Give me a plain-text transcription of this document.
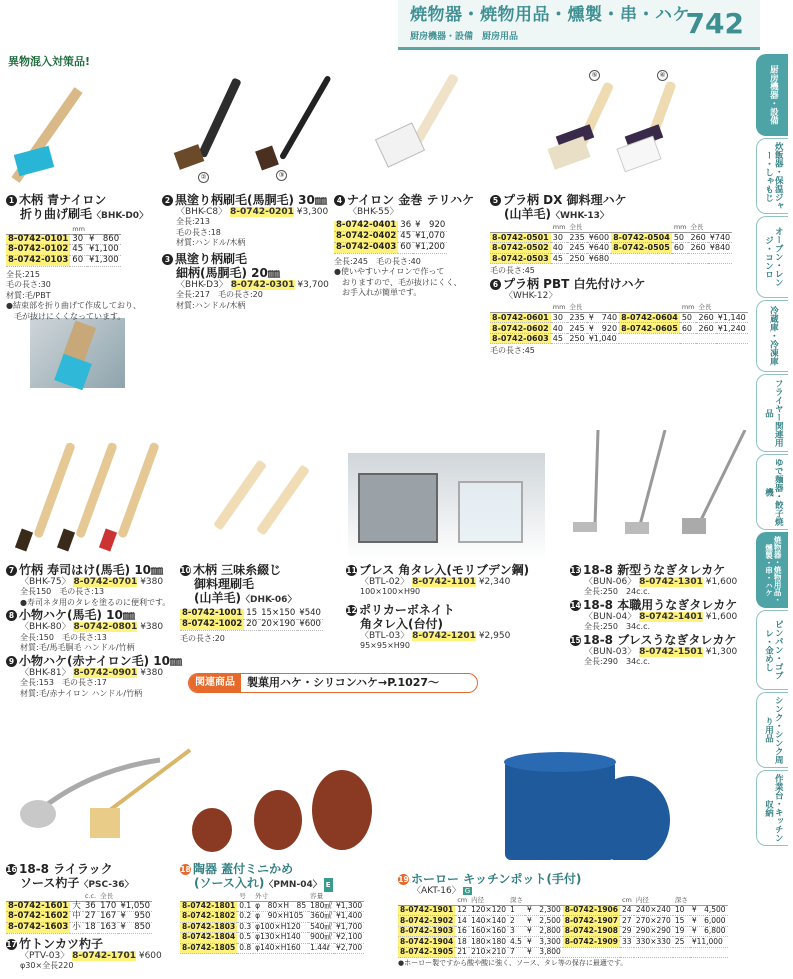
焼物器・焼物用品・燻製・串・ハケ
厨房機器・設備　厨房用品	742
厨房機器・設備
炊飯器・保温ジャー・しゃもじ
オーブン・レンジ・コンロ
冷蔵庫・冷凍庫
フライヤー関連用品
ゆで麺器・餃子焼機
焼物器・焼物用品・燻製・串・ハケ
ピンパン・ゴブレ・金めし
シンク・シンク周り用品
作業台・キッチン収納
異物混入対策品!
②	③
⑤	⑥
1 木柄 青ナイロン
折り曲げ刷毛〈BHK-D0〉
	mm	
8-0742-0101	30	¥　860
8-0742-0102	45	¥1,100
8-0742-0103	60	¥1,300
全長:215
毛の長さ:30
材質:毛/PBT
●結束部を折り曲げて作成しており、
毛が抜けにくくなっています。
2 黒塗り柄刷毛(馬胴毛) 30㎜
〈BHK-C8〉 8-0742-0201 ¥3,300
全長:213
毛の長さ:18
材質:ハンドル/木柄
3 黒塗り柄刷毛
細柄(馬胴毛) 20㎜
〈BHK-D3〉 8-0742-0301 ¥3,700
全長:217　毛の長さ:20
材質:ハンドル/木柄
4 ナイロン 金巻 テリハケ
〈BHK-55〉
8-0742-0401	36	¥　920
8-0742-0402	45	¥1,070
8-0742-0403	60	¥1,200
全長:245　毛の長さ:40
●使いやすいナイロンで作って
おりますので、毛が抜けにくく、
お手入れが簡単です。
5 プラ柄 DX 御料理ハケ
(山羊毛)〈WHK-13〉
	mm	全長			mm	全長	
8-0742-0501	30	235	¥600	8-0742-0504	50	260	¥740
8-0742-0502	40	245	¥640	8-0742-0505	60	260	¥840
8-0742-0503	45	250	¥680				
毛の長さ:45
6 プラ柄 PBT 白先付けハケ
〈WHK-12〉
	mm	全長			mm	全長	
8-0742-0601	30	235	¥　740	8-0742-0604	50	260	¥1,140
8-0742-0602	40	245	¥　920	8-0742-0605	60	260	¥1,240
8-0742-0603	45	250	¥1,040				
毛の長さ:45
7 竹柄 寿司はけ(馬毛) 10㎜
〈BHK-75〉 8-0742-0701 ¥380
全長150　毛の長さ:13
●寿司ネタ用のタレを塗るのに便利です。
8 小物ハケ(馬毛) 10㎜
〈BHK-80〉 8-0742-0801 ¥380
全長:150　毛の長さ:13
材質:毛/馬毛胴毛 ハンドル/竹柄
9 小物ハケ(赤ナイロン毛) 10㎜
〈BHK-81〉 8-0742-0901 ¥380
全長:153　毛の長さ:17
材質:毛/赤ナイロン ハンドル/竹柄
10 木柄 三味糸綴じ
御料理刷毛
(山羊毛)〈DHK-06〉
8-0742-1001	15	15×150	¥540
8-0742-1002	20	20×190	¥600
毛の長さ:20
11 ブレス 角タレ入(モリブデン鋼)
〈BTL-02〉 8-0742-1101 ¥2,340
100×100×H90
12 ポリカーボネイト
角タレ入(台付)
〈BTL-03〉 8-0742-1201 ¥2,950
95×95×H90
13 18-8 新型うなぎタレカケ
〈BUN-06〉 8-0742-1301 ¥1,600
全長:250　24c.c.
14 18-8 本職用うなぎタレカケ
〈BUN-04〉 8-0742-1401 ¥1,600
全長:250　34c.c.
15 18-8 ブレスうなぎタレカケ
〈BUN-03〉 8-0742-1501 ¥1,300
全長:290　34c.c.
関連商品	製菓用ハケ・シリコンハケ→P.1027〜
16 18-8 ライラック
ソース杓子〈PSC-36〉
		c.c.	全長	
8-0742-1601	大	36	170	¥1,050
8-0742-1602	中	27	167	¥　950
8-0742-1603	小	18	163	¥　850
17 竹トンカツ杓子
〈PTV-03〉 8-0742-1701 ¥600
φ30×全長220
18 陶器 蓋付ミニかめ
(ソース入れ)〈PMN-04〉 E
	号	外寸	容量	
8-0742-1801	0.1	φ　80×H　85	180㎖	¥1,300
8-0742-1802	0.2	φ　90×H105	360㎖	¥1,400
8-0742-1803	0.3	φ100×H120	540㎖	¥1,700
8-0742-1804	0.5	φ130×H140	900㎖	¥2,100
8-0742-1805	0.8	φ140×H160	1.44ℓ	¥2,700
19 ホーロー キッチンポット(手付)
〈AKT-16〉 G
	cm	内径	深さ			cm	内径	深さ	
8-0742-1901	12	120×120	1	¥　2,300	8-0742-1906	24	240×240	10	¥　4,500
8-0742-1902	14	140×140	2	¥　2,500	8-0742-1907	27	270×270	15	¥　6,000
8-0742-1903	16	160×160	3	¥　2,800	8-0742-1908	29	290×290	19	¥　6,800
8-0742-1904	18	180×180	4.5	¥　3,300	8-0742-1909	33	330×330	25	¥11,000
8-0742-1905	21	210×210	7	¥　3,800					
●ホーロー製ですから酸や酸に強く、ソース、タレ等の保存に最適です。
